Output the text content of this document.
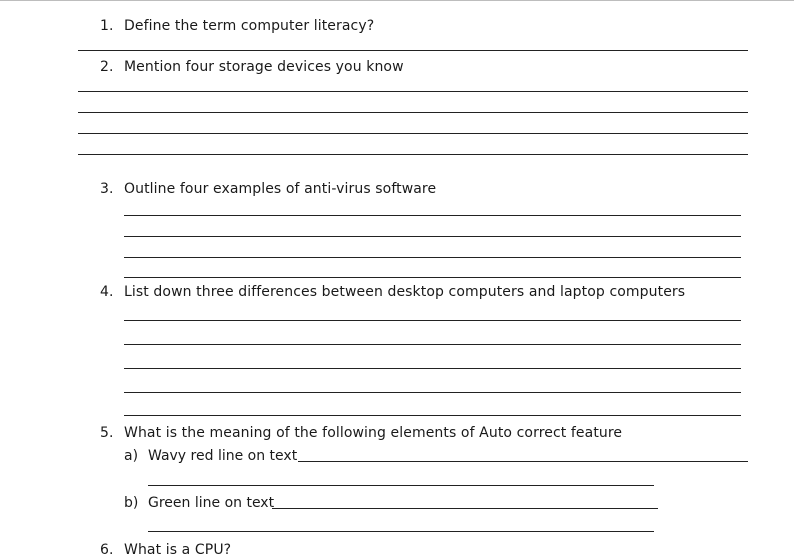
1. Define the term computer literacy?
2. Mention four storage devices you know
3. Outline four examples of anti-virus software
4. List down three differences between desktop computers and laptop computers
5. What is the meaning of the following elements of Auto correct feature
a) Wavy red line on text
b) Green line on text
6. What is a CPU?
